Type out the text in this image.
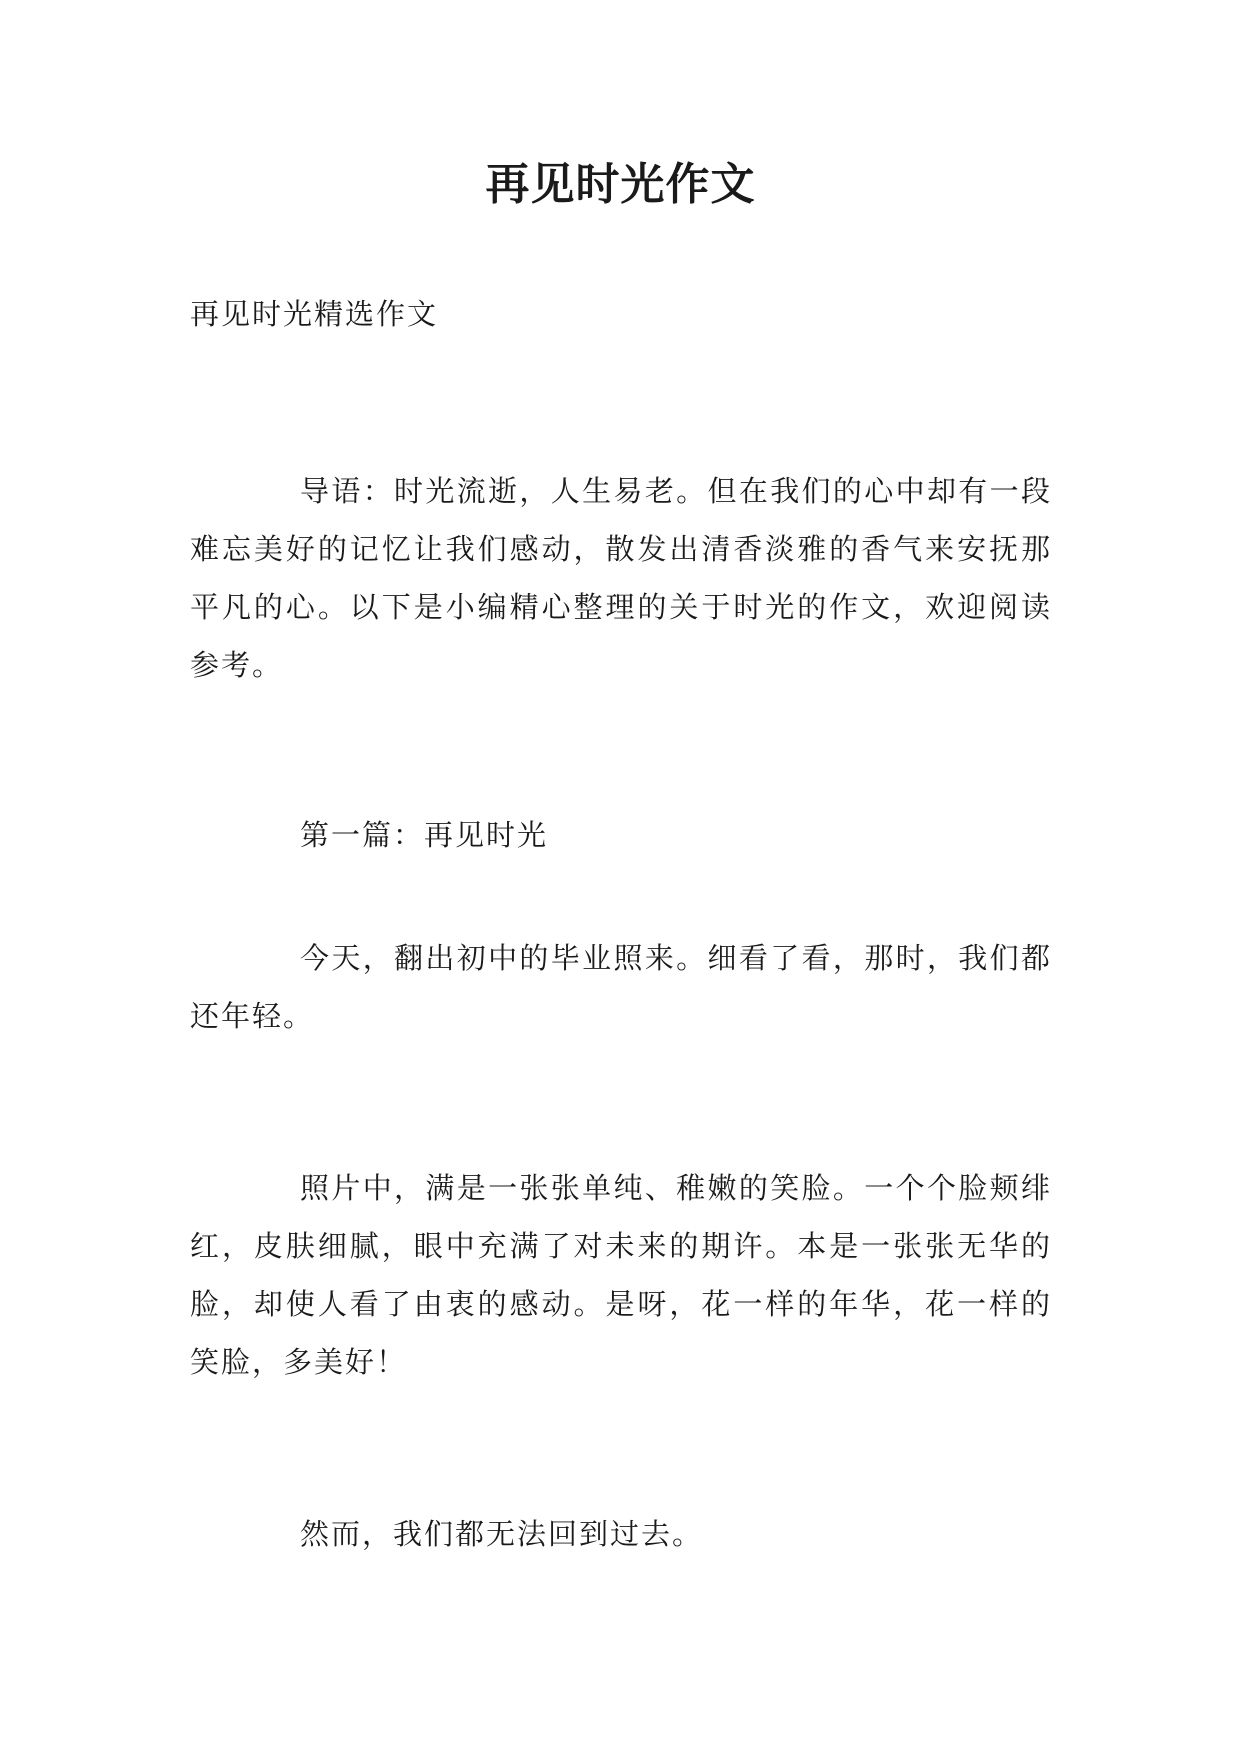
再见时光作文
再见时光精选作文

导语：时光流逝，人生易老。但在我们的心中却有一段难忘美好的记忆让我们感动，散发出清香淡雅的香气来安抚那平凡的心。以下是小编精心整理的关于时光的作文，欢迎阅读参考。

第一篇：再见时光

今天，翻出初中的毕业照来。细看了看，那时，我们都还年轻。

照片中，满是一张张单纯、稚嫩的笑脸。一个个脸颊绯红，皮肤细腻，眼中充满了对未来的期许。本是一张张无华的脸，却使人看了由衷的感动。是呀，花一样的年华，花一样的笑脸，多美好！

然而，我们都无法回到过去。
